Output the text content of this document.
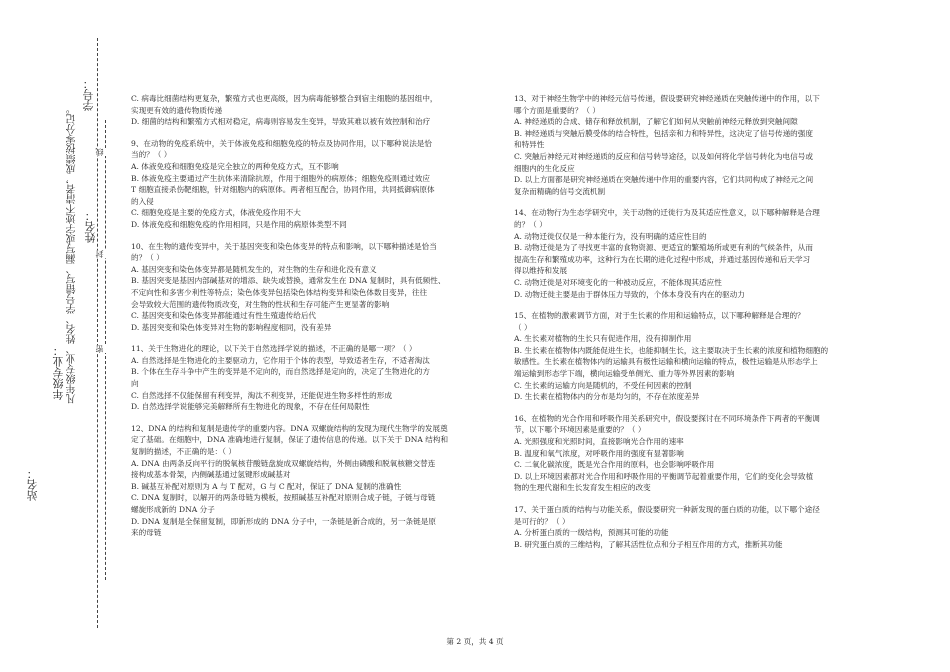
学号：
姓名：
凡年级专业、姓名、学号错写、漏写或字迹不清者，成绩按零分记。
年级专业：
站名：
密
封
线

C. 病毒比细菌结构更复杂，繁殖方式也更高级，因为病毒能够整合到宿主细胞的基因组中，

实现更有效的遗传物质传递

D. 细菌的结构和繁殖方式相对稳定，病毒则容易发生变异，导致其难以被有效控制和治疗

9、在动物的免疫系统中，关于体液免疫和细胞免疫的特点及协同作用，以下哪种说法是恰

当的？（ ）

A. 体液免疫和细胞免疫是完全独立的两种免疫方式，互不影响

B. 体液免疫主要通过产生抗体来清除抗原，作用于细胞外的病原体；细胞免疫则通过效应

T 细胞直接杀伤靶细胞，针对细胞内的病原体。两者相互配合，协同作用，共同抵御病原体

的入侵

C. 细胞免疫是主要的免疫方式，体液免疫作用不大

D. 体液免疫和细胞免疫的作用相同，只是作用的病原体类型不同

10、在生物的遗传变异中，关于基因突变和染色体变异的特点和影响，以下哪种描述是恰当

的？（ ）

A. 基因突变和染色体变异都是随机发生的，对生物的生存和进化没有意义

B. 基因突变是基因内部碱基对的增添、缺失或替换，通常发生在 DNA 复制时，具有低频性、

不定向性和多害少利性等特点；染色体变异包括染色体结构变异和染色体数目变异，往往

会导致较大范围的遗传物质改变，对生物的性状和生存可能产生更显著的影响

C. 基因突变和染色体变异都能通过有性生殖遗传给后代

D. 基因突变和染色体变异对生物的影响程度相同，没有差异

11、关于生物进化的理论，以下关于自然选择学说的描述，不正确的是哪一项？（ ）

A. 自然选择是生物进化的主要驱动力，它作用于个体的表型，导致适者生存，不适者淘汰

B. 个体在生存斗争中产生的变异是不定向的，而自然选择是定向的，决定了生物进化的方

向

C. 自然选择不仅能保留有利变异，淘汰不利变异，还能促进生物多样性的形成

D. 自然选择学说能够完美解释所有生物进化的现象，不存在任何局限性

12、DNA 的结构和复制是遗传学的重要内容。DNA 双螺旋结构的发现为现代生物学的发展奠

定了基础。在细胞中，DNA 准确地进行复制，保证了遗传信息的传递。以下关于 DNA 结构和

复制的描述，不正确的是：（ ）

A. DNA 由两条反向平行的脱氧核苷酸链盘旋成双螺旋结构，外侧由磷酸和脱氧核糖交替连

接构成基本骨架，内侧碱基通过氢键形成碱基对

B. 碱基互补配对原则为 A 与 T 配对，G 与 C 配对，保证了 DNA 复制的准确性

C. DNA 复制时，以解开的两条母链为模板，按照碱基互补配对原则合成子链，子链与母链

螺旋形成新的 DNA 分子

D. DNA 复制是全保留复制，即新形成的 DNA 分子中，一条链是新合成的，另一条链是原

来的母链

13、对于神经生物学中的神经元信号传递，假设要研究神经递质在突触传递中的作用，以下

哪个方面是重要的？（ ）

A. 神经递质的合成、储存和释放机制，了解它们如何从突触前神经元释放到突触间隙

B. 神经递质与突触后膜受体的结合特性，包括亲和力和特异性，这决定了信号传递的强度

和特异性

C. 突触后神经元对神经递质的反应和信号转导途径，以及如何将化学信号转化为电信号或

细胞内的生化反应

D. 以上方面都是研究神经递质在突触传递中作用的重要内容，它们共同构成了神经元之间

复杂而精确的信号交流机制

14、在动物行为生态学研究中，关于动物的迁徙行为及其适应性意义，以下哪种解释是合理

的？（ ）

A. 动物迁徙仅仅是一种本能行为，没有明确的适应性目的

B. 动物迁徙是为了寻找更丰富的食物资源、更适宜的繁殖场所或更有利的气候条件，从而

提高生存和繁殖成功率，这种行为在长期的进化过程中形成，并通过基因传递和后天学习

得以维持和发展

C. 动物迁徙是对环境变化的一种被动反应，不能体现其适应性

D. 动物迁徙主要是由于群体压力导致的，个体本身没有内在的驱动力

15、在植物的激素调节方面，对于生长素的作用和运输特点，以下哪种解释是合理的？

（ ）

A. 生长素对植物的生长只有促进作用，没有抑制作用

B. 生长素在植物体内既能促进生长，也能抑制生长，这主要取决于生长素的浓度和植物细胞的

敏感性。生长素在植物体内的运输具有极性运输和横向运输的特点，极性运输是从形态学上

端运输到形态学下端，横向运输受单侧光、重力等外界因素的影响

C. 生长素的运输方向是随机的，不受任何因素的控制

D. 生长素在植物体内的分布是均匀的，不存在浓度差异

16、在植物的光合作用和呼吸作用关系研究中，假设要探讨在不同环境条件下两者的平衡调

节，以下哪个环境因素是重要的？（ ）

A. 光照强度和光照时间，直接影响光合作用的速率

B. 温度和氧气浓度，对呼吸作用的强度有显著影响

C. 二氧化碳浓度，既是光合作用的原料，也会影响呼吸作用

D. 以上环境因素都对光合作用和呼吸作用的平衡调节起着重要作用，它们的变化会导致植

物的生理代谢和生长发育发生相应的改变

17、关于蛋白质的结构与功能关系，假设要研究一种新发现的蛋白质的功能，以下哪个途径

是可行的？（ ）

A. 分析蛋白质的一级结构，预测其可能的功能

B. 研究蛋白质的三维结构，了解其活性位点和分子相互作用的方式，推断其功能

第 2 页，共 4 页
